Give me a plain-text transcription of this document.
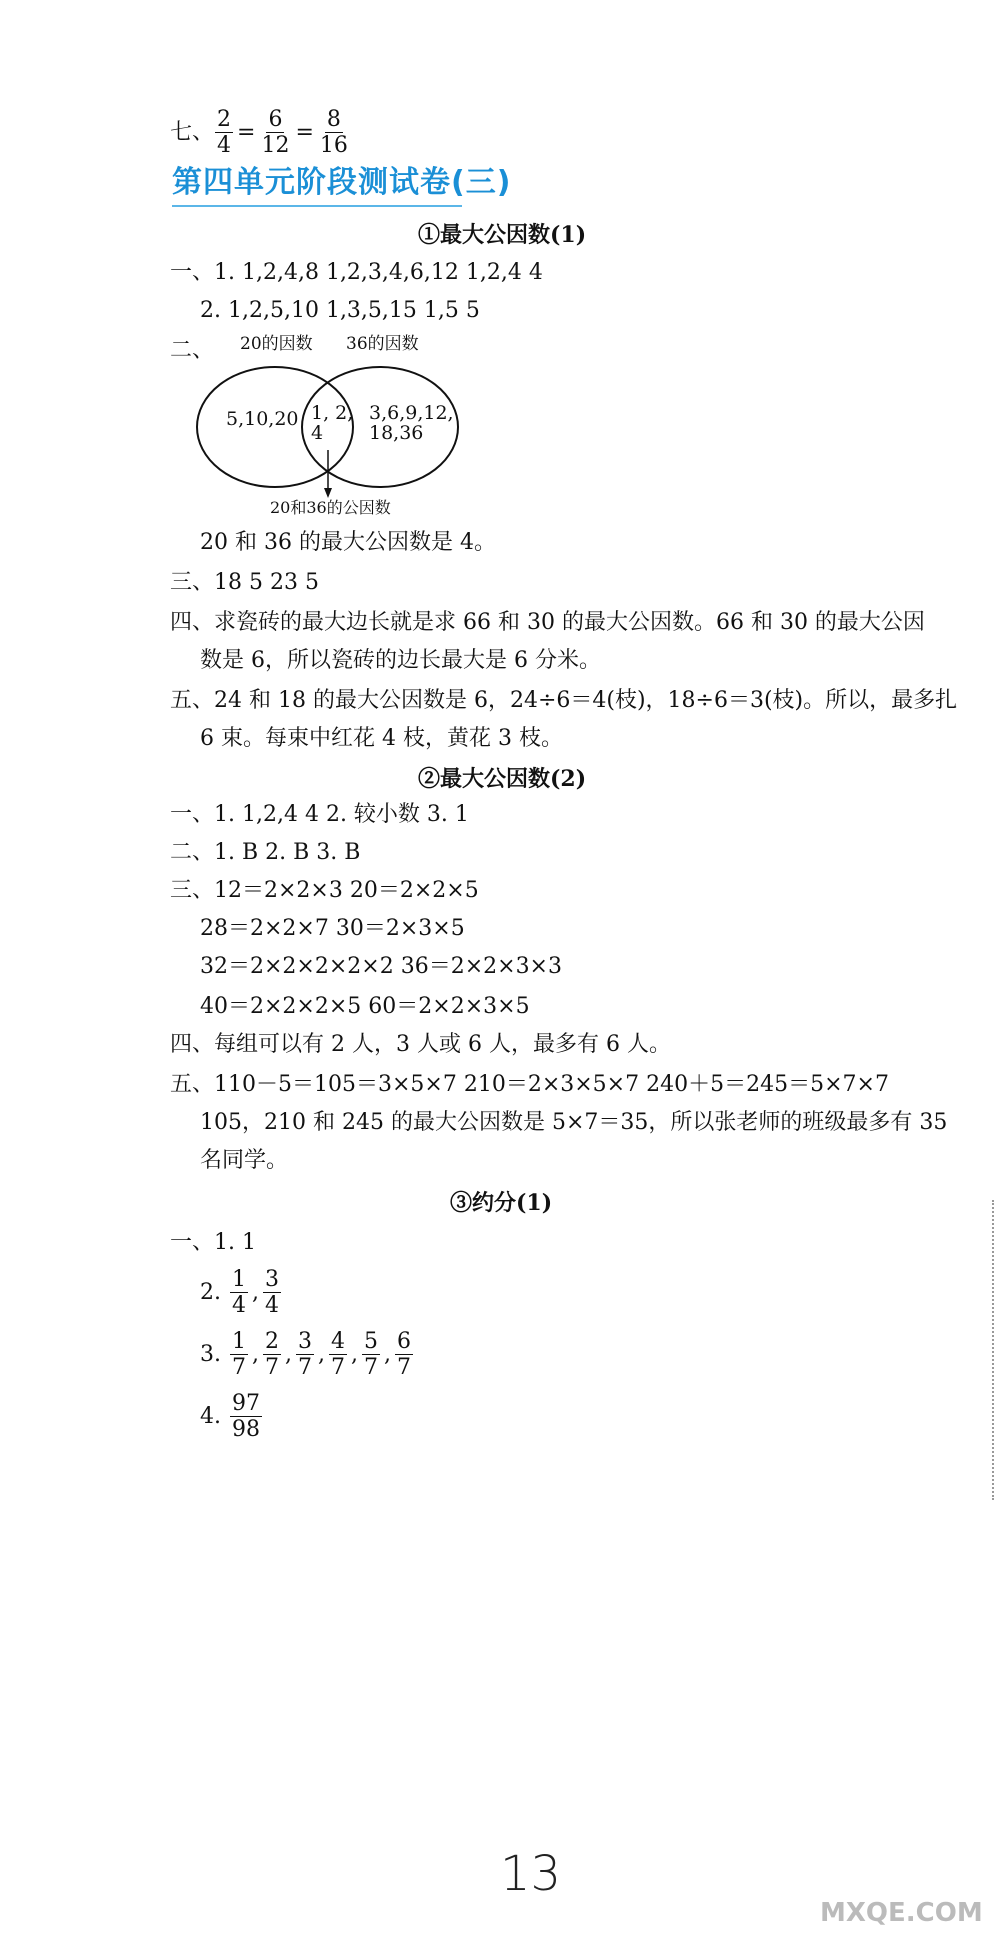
七、 $\frac{2}{4} = \frac{6}{12} = \frac{8}{16}$
第四单元阶段测试卷(三)
①最大公因数(1)
一、1. 1,2,4,8 1,2,3,4,6,12 1,2,4 4
2. 1,2,5,10 1,3,5,15 1,5 5
二、 20的因数 36的因数
5,10,20 1, 2,
4
3,6,9,12,
18,36
20和36的公因数
20 和 36 的最大公因数是 4。
三、18 5 23 5
四、求瓷砖的最大边长就是求 66 和 30 的最大公因数。66 和 30 的最大公因
数是 6，所以瓷砖的边长最大是 6 分米。
五、24 和 18 的最大公因数是 6，24÷6＝4(枝)，18÷6＝3(枝)。所以，最多扎
6 束。每束中红花 4 枝，黄花 3 枝。
②最大公因数(2)
一、1. 1,2,4 4 2. 较小数 3. 1
二、1. B 2. B 3. B
三、12＝2×2×3 20＝2×2×5
28＝2×2×7 30＝2×3×5
32＝2×2×2×2×2 36＝2×2×3×3
40＝2×2×2×5 60＝2×2×3×5
四、每组可以有 2 人，3 人或 6 人，最多有 6 人。
五、110－5＝105＝3×5×7 210＝2×3×5×7 240＋5＝245＝5×7×7
105，210 和 245 的最大公因数是 5×7＝35，所以张老师的班级最多有 35
名同学。
③约分(1)
一、1. 1
2. $\frac{1}{4}$ , $\frac{3}{4}$
3. $\frac{1}{7}$ , $\frac{2}{7}$ , $\frac{3}{7}$ , $\frac{4}{7}$ , $\frac{5}{7}$ , $\frac{6}{7}$
4. $\frac{97}{98}$
13
MXQE.COM
